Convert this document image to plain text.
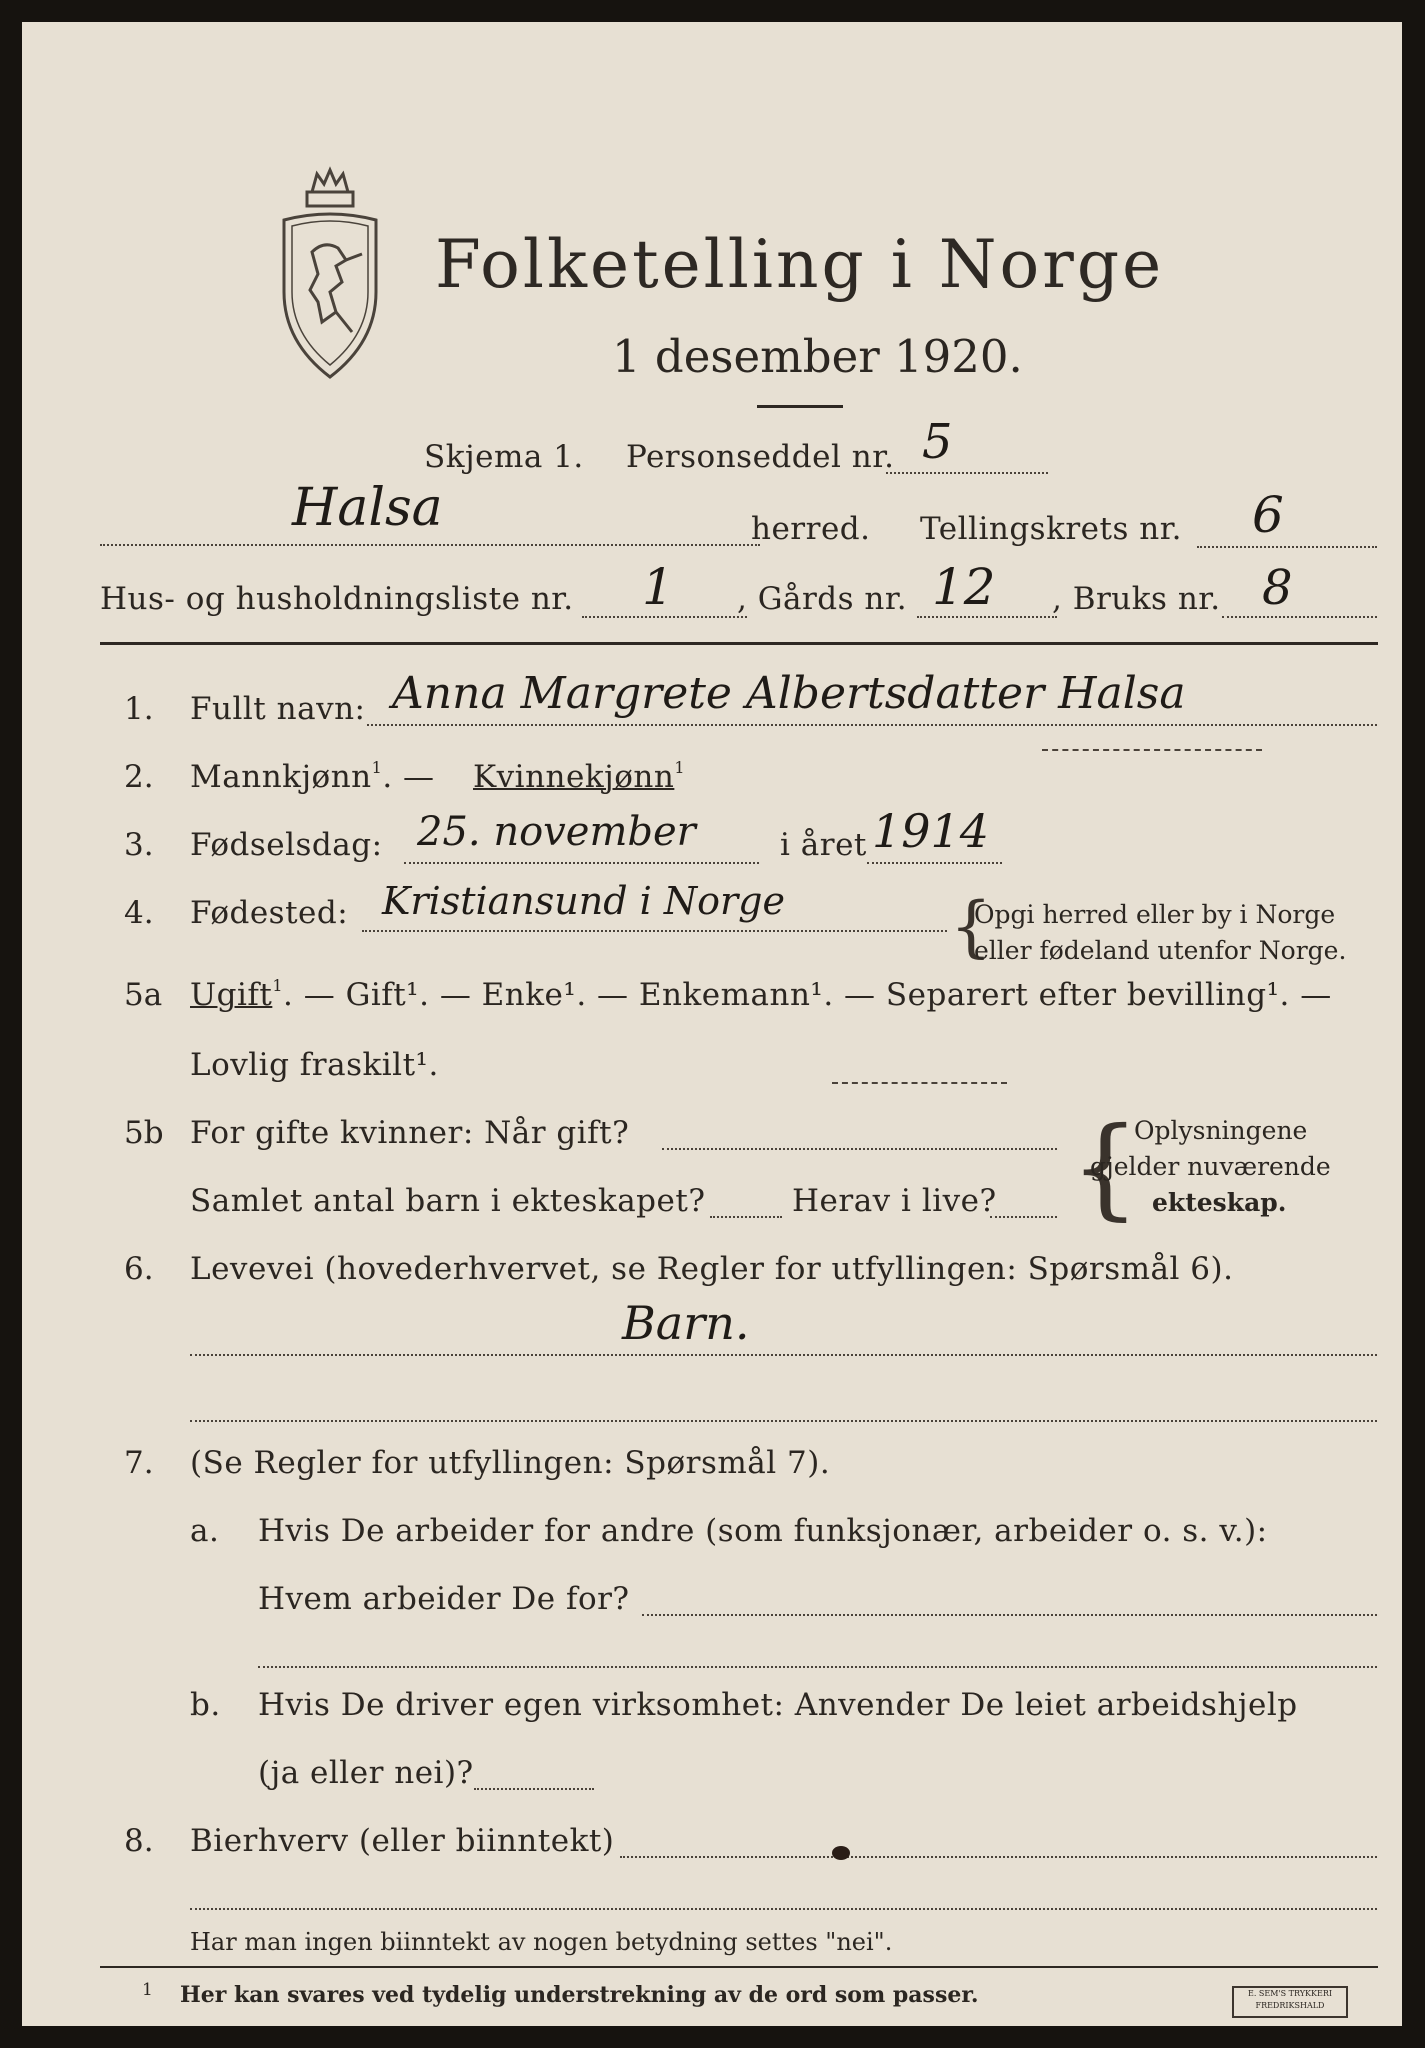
Folketelling i Norge
1 desember 1920.
Skjema 1. Personseddel nr. 5
Halsa	herred. Tellingskrets nr. 6
Hus- og husholdningsliste nr. 1 , Gårds nr. 12 , Bruks nr. 8
1. Fullt navn: Anna Margrete Albertsdatter Halsa
2. Mannkjønn$^1$. — Kvinnekjønn$^1$
3. Fødselsdag: 25. november	i året 1914
4. Fødested: Kristiansund i Norge	{
Opgi herred eller by i Norge
eller fødeland utenfor Norge.
5a Ugift$^1$. — Gift¹. — Enke¹. — Enkemann¹. — Separert efter bevilling¹. —
Lovlig fraskilt¹.
5b For gifte kvinner: Når gift?
Samlet antal barn i ekteskapet?	Herav i live? {
Oplysningene
gjelder nuværende
ekteskap.
6. Levevei (hovederhvervet, se Regler for utfyllingen: Spørsmål 6).
Barn.
7. (Se Regler for utfyllingen: Spørsmål 7).
a. Hvis De arbeider for andre (som funksjonær, arbeider o. s. v.):
Hvem arbeider De for?
b. Hvis De driver egen virksomhet: Anvender De leiet arbeidshjelp
(ja eller nei)?
8. Bierhverv (eller biinntekt)
Har man ingen biinntekt av nogen betydning settes "nei".
1 Her kan svares ved tydelig understrekning av de ord som passer.	E. SEM'S TRYKKERI
FREDRIKSHALD
